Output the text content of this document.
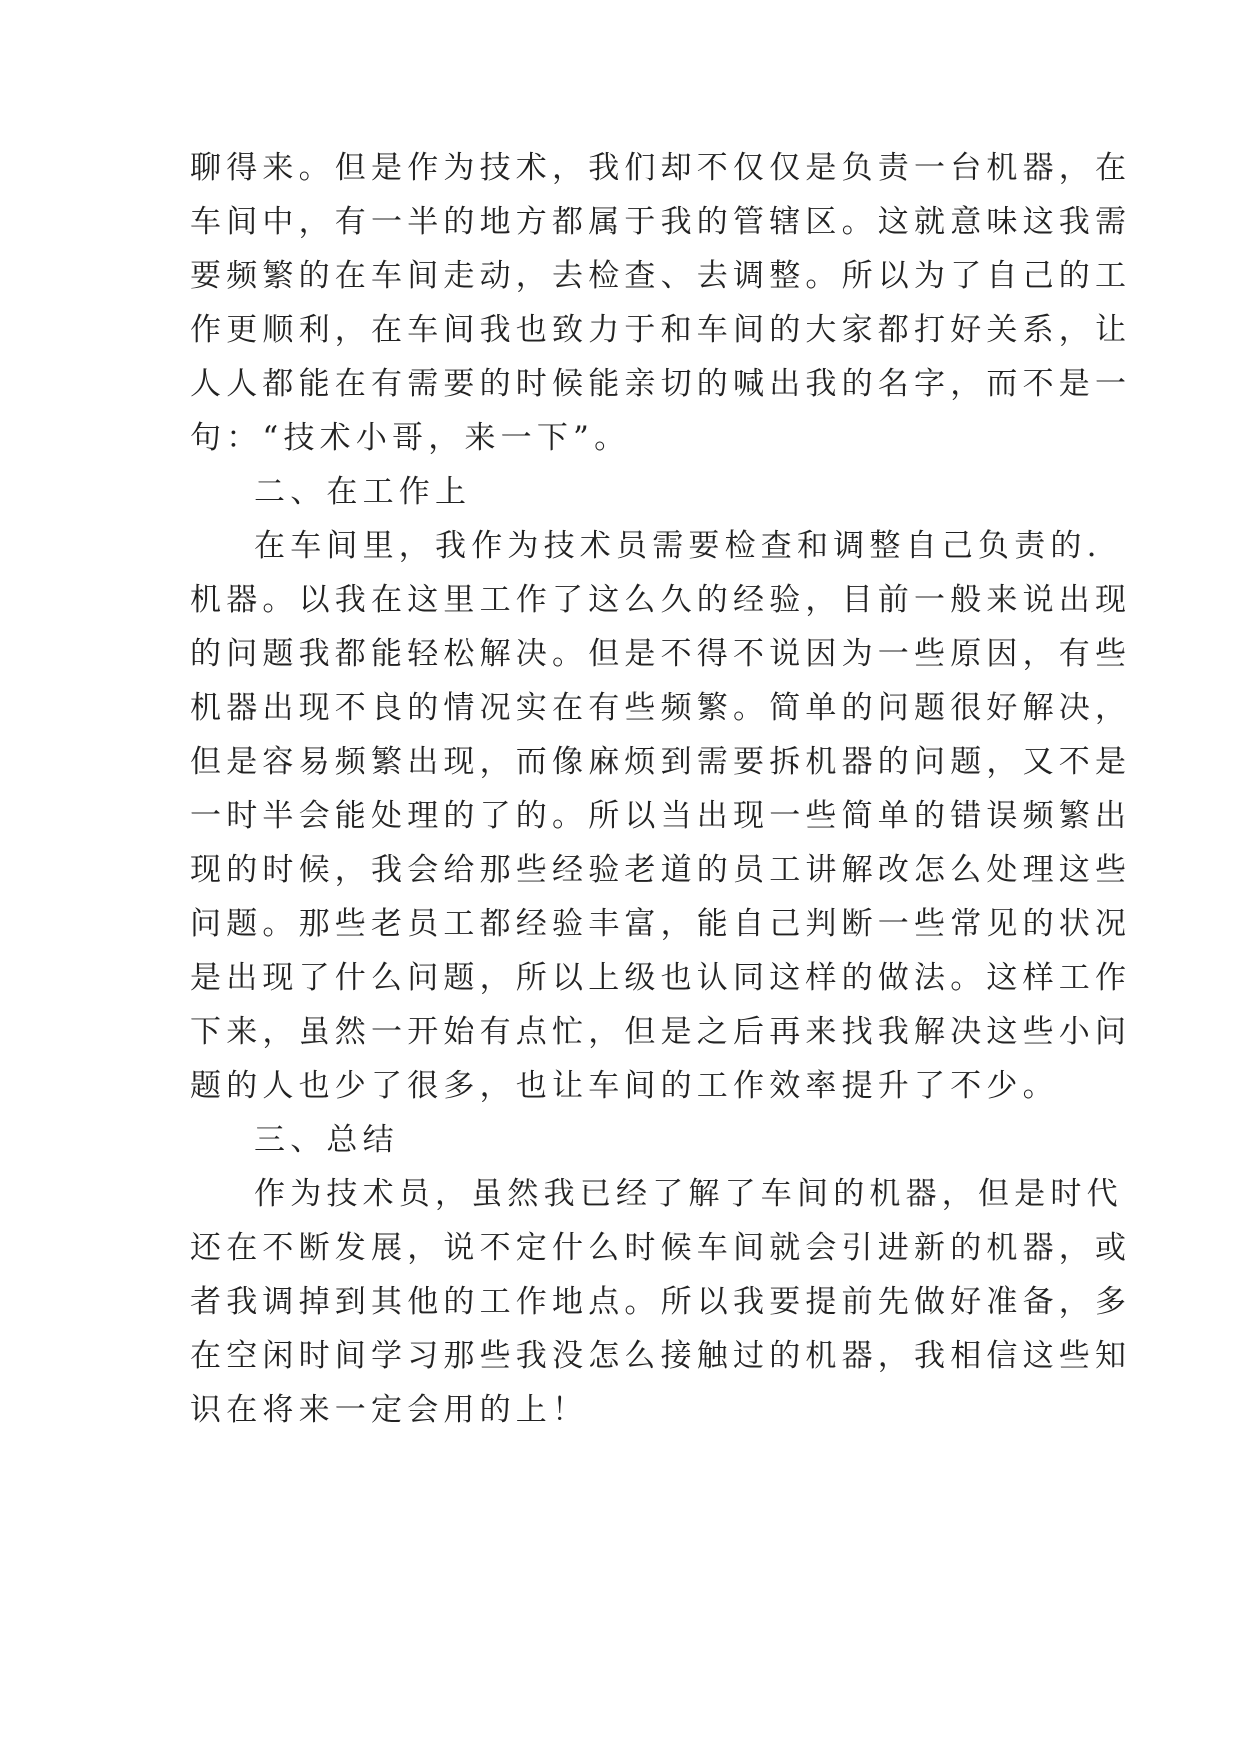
聊得来。但是作为技术，我们却不仅仅是负责一台机器，在
车间中，有一半的地方都属于我的管辖区。这就意味这我需
要频繁的在车间走动，去检查、去调整。所以为了自己的工
作更顺利，在车间我也致力于和车间的大家都打好关系，让
人人都能在有需要的时候能亲切的喊出我的名字，而不是一
句：“技术小哥，来一下”。
二、在工作上
在车间里，我作为技术员需要检查和调整自己负责的.
机器。以我在这里工作了这么久的经验，目前一般来说出现
的问题我都能轻松解决。但是不得不说因为一些原因，有些
机器出现不良的情况实在有些频繁。简单的问题很好解决，
但是容易频繁出现，而像麻烦到需要拆机器的问题，又不是
一时半会能处理的了的。所以当出现一些简单的错误频繁出
现的时候，我会给那些经验老道的员工讲解改怎么处理这些
问题。那些老员工都经验丰富，能自己判断一些常见的状况
是出现了什么问题，所以上级也认同这样的做法。这样工作
下来，虽然一开始有点忙，但是之后再来找我解决这些小问
题的人也少了很多，也让车间的工作效率提升了不少。
三、总结
作为技术员，虽然我已经了解了车间的机器，但是时代
还在不断发展，说不定什么时候车间就会引进新的机器，或
者我调掉到其他的工作地点。所以我要提前先做好准备，多
在空闲时间学习那些我没怎么接触过的机器，我相信这些知
识在将来一定会用的上！
